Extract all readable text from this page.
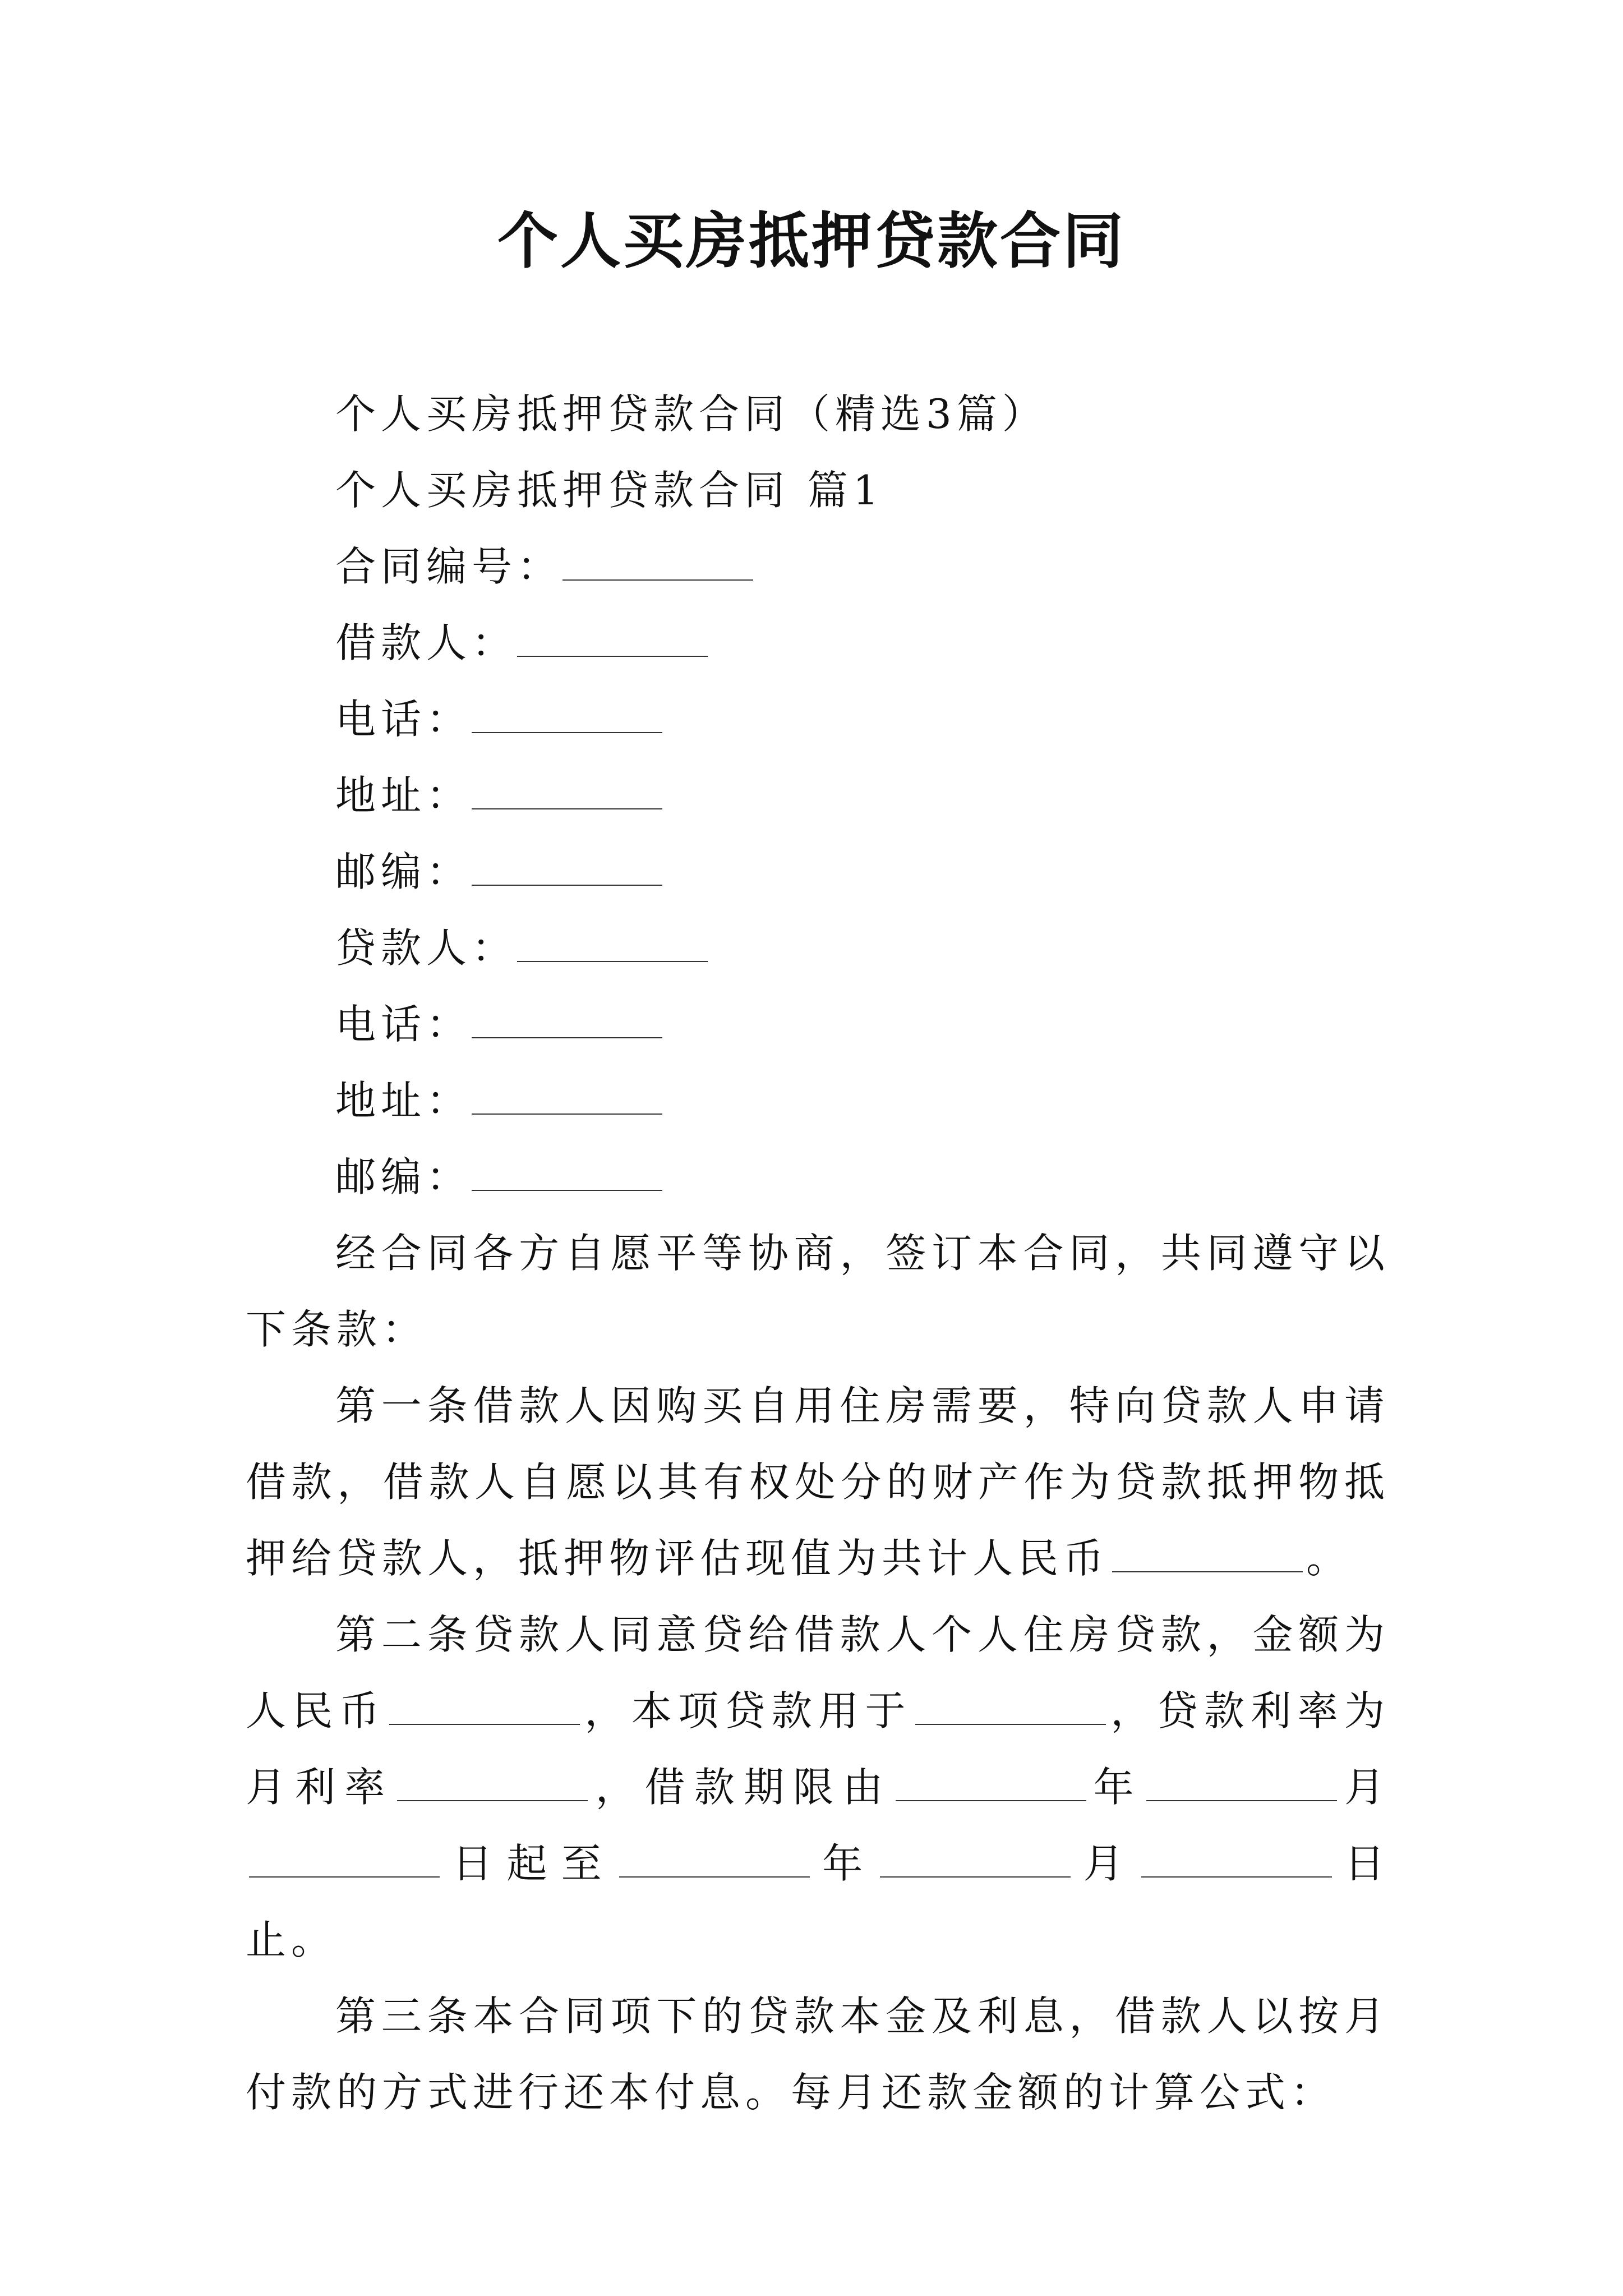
个人买房抵押贷款合同
个人买房抵押贷款合同（精选3篇）
个人买房抵押贷款合同 篇1
合同编号：
借款人：
电话：
地址：
邮编：
贷款人：
电话：
地址：
邮编：

经合同各方自愿平等协商，签订本合同，共同遵守以下条款：

第一条借款人因购买自用住房需要，特向贷款人申请借款，借款人自愿以其有权处分的财产作为贷款抵押物抵押给贷款人，抵押物评估现值为共计人民币	。

第二条贷款人同意贷给借款人个人住房贷款，金额为人民币	，本项贷款用于	，贷款利率为月利率	，借款期限由	年	月日起至	年	月	日止。

第三条本合同项下的贷款本金及利息，借款人以按月付款的方式进行还本付息。每月还款金额的计算公式：
